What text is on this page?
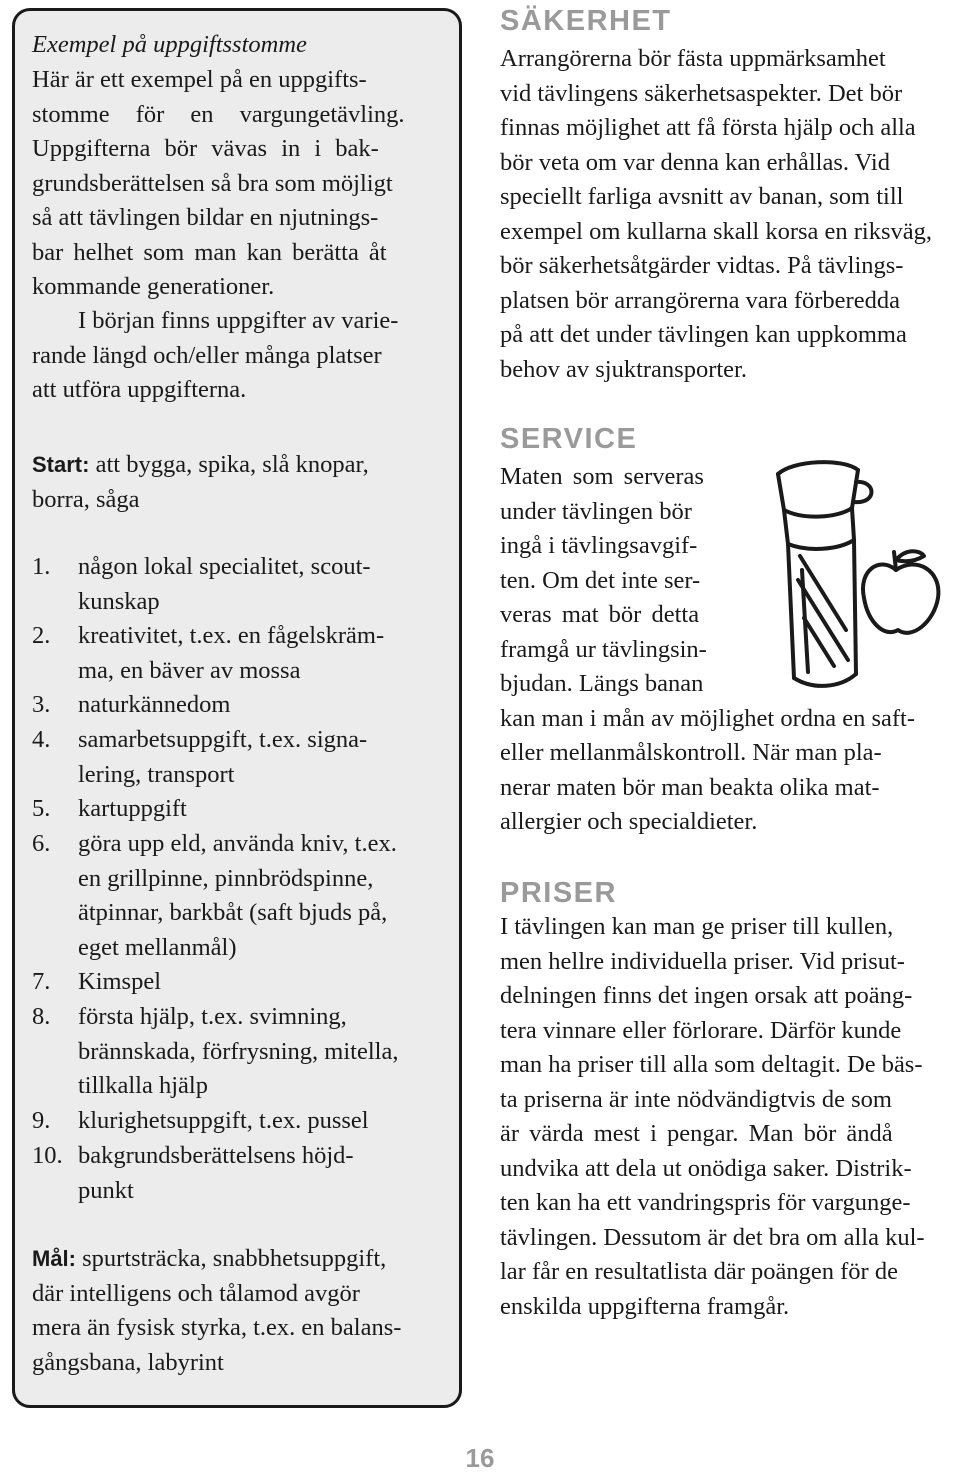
Exempel på uppgiftsstomme

Här är ett exempel på en uppgifts-
stomme för en vargungetävling.
Uppgifterna bör vävas in i bak-
grundsberättelsen så bra som möjligt
så att tävlingen bildar en njutnings-
bar helhet som man kan berätta åt
kommande generationer.

I början finns uppgifter av varie-
rande längd och/eller många platser
att utföra uppgifterna.

Start: att bygga, spika, slå knopar,
borra, såga

1.	någon lokal specialitet, scout-
kunskap
2.	kreativitet, t.ex. en fågelskräm-
ma, en bäver av mossa
3.	naturkännedom
4.	samarbetsuppgift, t.ex. signa-
lering, transport
5.	kartuppgift
6.	göra upp eld, använda kniv, t.ex.
en grillpinne, pinnbrödspinne,
ätpinnar, barkbåt (saft bjuds på,
eget mellanmål)
7.	Kimspel
8.	första hjälp, t.ex. svimning,
brännskada, förfrysning, mitella,
tillkalla hjälp
9.	klurighetsuppgift, t.ex. pussel
10. bakgrundsberättelsens höjd-
punkt

Mål: spurtsträcka, snabbhetsuppgift,
där intelligens och tålamod avgör
mera än fysisk styrka, t.ex. en balans-
gångsbana, labyrint

SÄKERHET

Arrangörerna bör fästa uppmärksamhet
vid tävlingens säkerhetsaspekter. Det bör
finnas möjlighet att få första hjälp och alla
bör veta om var denna kan erhållas. Vid
speciellt farliga avsnitt av banan, som till
exempel om kullarna skall korsa en riksväg,
bör säkerhetsåtgärder vidtas. På tävlings-
platsen bör arrangörerna vara förberedda
på att det under tävlingen kan uppkomma
behov av sjuktransporter.

SERVICE

Maten som serveras
under tävlingen bör
ingå i tävlingsavgif-
ten. Om det inte ser-
veras mat bör detta
framgå ur tävlingsin-
bjudan. Längs banan
kan man i mån av möjlighet ordna en saft-
eller mellanmålskontroll. När man pla-
nerar maten bör man beakta olika mat-
allergier och specialdieter.

PRISER

I tävlingen kan man ge priser till kullen,
men hellre individuella priser. Vid prisut-
delningen finns det ingen orsak att poäng-
tera vinnare eller förlorare. Därför kunde
man ha priser till alla som deltagit. De bäs-
ta priserna är inte nödvändigtvis de som
är värda mest i pengar. Man bör ändå
undvika att dela ut onödiga saker. Distrik-
ten kan ha ett vandringspris för vargunge-
tävlingen. Dessutom är det bra om alla kul-
lar får en resultatlista där poängen för de
enskilda uppgifterna framgår.

16
